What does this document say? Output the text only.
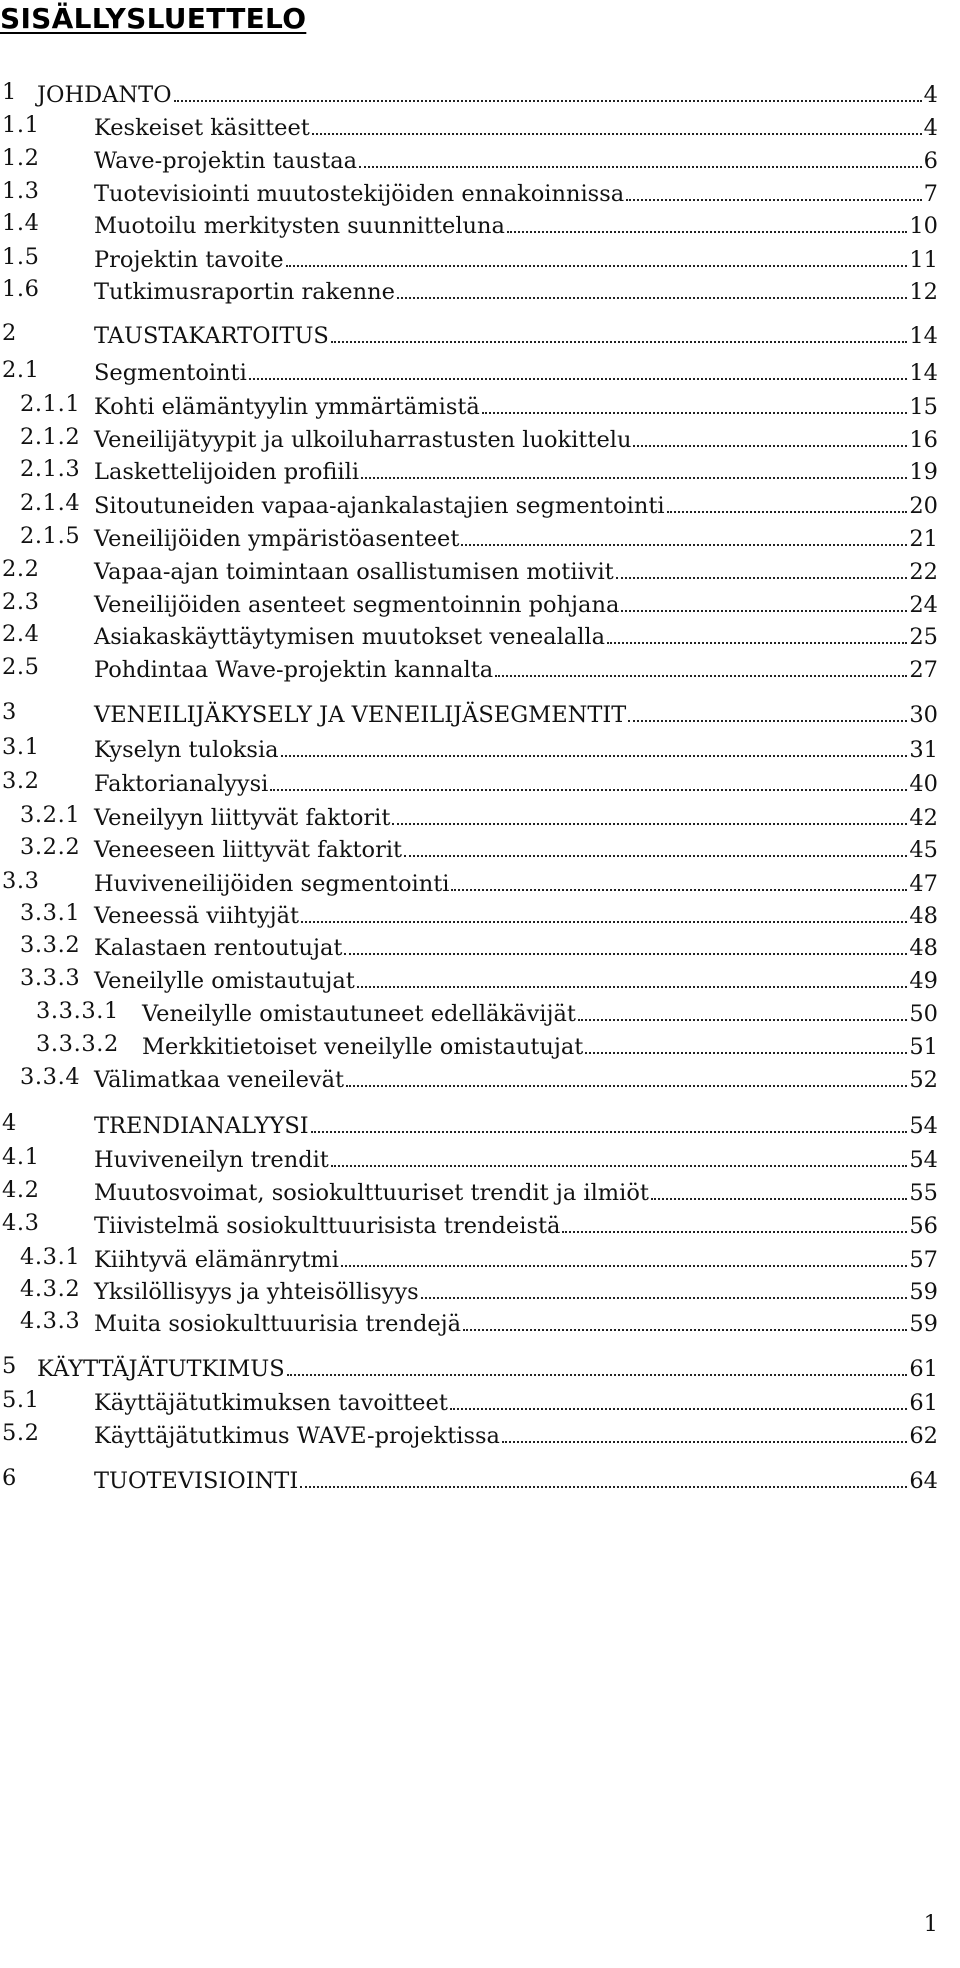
SISÄLLYSLUETTELO
1 JOHDANTO	4
1.1 Keskeiset käsitteet	4
1.2 Wave-projektin taustaa	6
1.3 Tuotevisiointi muutostekijöiden ennakoinnissa	7
1.4 Muotoilu merkitysten suunnitteluna	10
1.5 Projektin tavoite	11
1.6 Tutkimusraportin rakenne	12
2	TAUSTAKARTOITUS	14
2.1 Segmentointi	14
2.1.1 Kohti elämäntyylin ymmärtämistä	15
2.1.2 Veneilijätyypit ja ulkoiluharrastusten luokittelu	16
2.1.3 Laskettelijoiden profiili	19
2.1.4 Sitoutuneiden vapaa-ajankalastajien segmentointi	20
2.1.5 Veneilijöiden ympäristöasenteet	21
2.2 Vapaa-ajan toimintaan osallistumisen motiivit	22
2.3 Veneilijöiden asenteet segmentoinnin pohjana	24
2.4 Asiakaskäyttäytymisen muutokset venealalla	25
2.5 Pohdintaa Wave-projektin kannalta	27
3	VENEILIJÄKYSELY JA VENEILIJÄSEGMENTIT	30
3.1 Kyselyn tuloksia	31
3.2 Faktorianalyysi	40
3.2.1 Veneilyyn liittyvät faktorit	42
3.2.2 Veneeseen liittyvät faktorit	45
3.3 Huviveneilijöiden segmentointi	47
3.3.1 Veneessä viihtyjät	48
3.3.2 Kalastaen rentoutujat	48
3.3.3 Veneilylle omistautujat	49
3.3.3.1 Veneilylle omistautuneet edelläkävijät	50
3.3.3.2 Merkkitietoiset veneilylle omistautujat	51
3.3.4 Välimatkaa veneilevät	52
4	TRENDIANALYYSI	54
4.1 Huviveneilyn trendit	54
4.2 Muutosvoimat, sosiokulttuuriset trendit ja ilmiöt	55
4.3 Tiivistelmä sosiokulttuurisista trendeistä	56
4.3.1 Kiihtyvä elämänrytmi	57
4.3.2 Yksilöllisyys ja yhteisöllisyys	59
4.3.3 Muita sosiokulttuurisia trendejä	59
5 KÄYTTÄJÄTUTKIMUS	61
5.1 Käyttäjätutkimuksen tavoitteet	61
5.2 Käyttäjätutkimus WAVE-projektissa	62
6	TUOTEVISIOINTI	64
1
